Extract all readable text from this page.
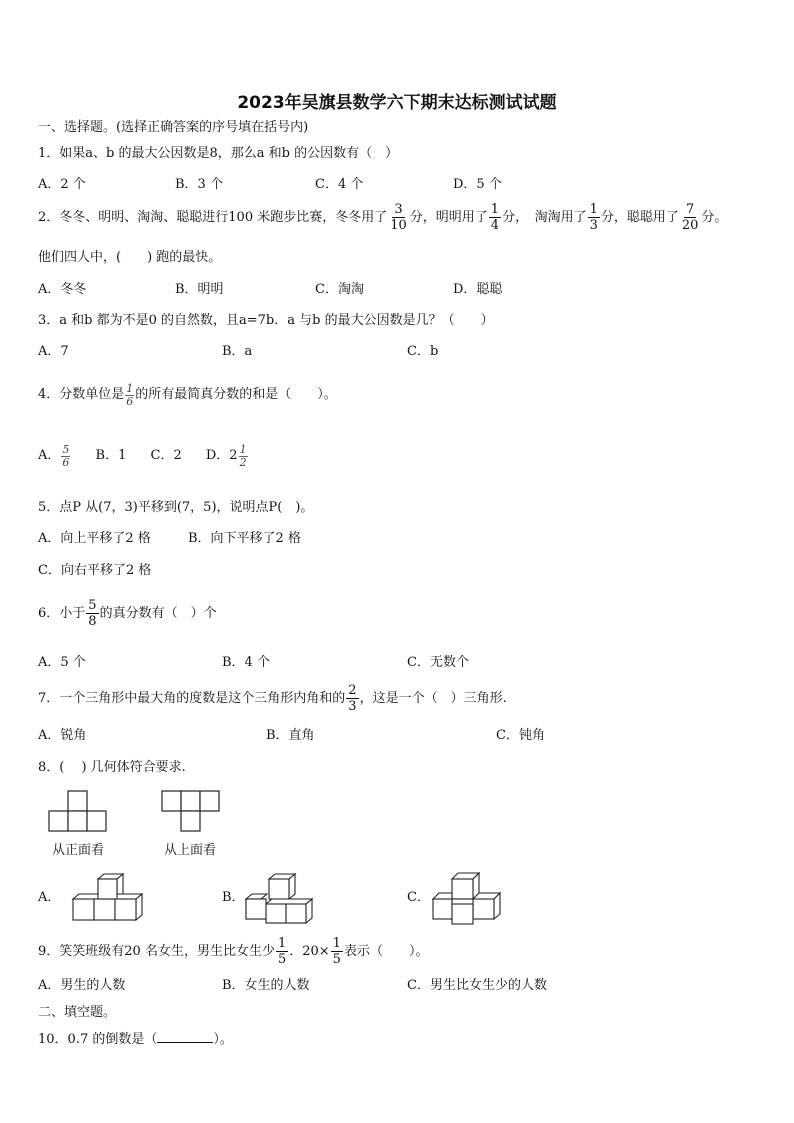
2023年吴旗县数学六下期末达标测试试题
一、选择题。(选择正确答案的序号填在括号内)
1．如果a、b 的最大公因数是8，那么a 和b 的公因数有（　）
A．2 个	B．3 个	C．4 个	D．5 个
2．冬冬、明明、淘淘、聪聪进行100 米跑步比赛，冬冬用了 $\frac{3}{10}$ 分，明明用了 $\frac{1}{4}$ 分，　淘淘用了 $\frac{1}{3}$ 分，聪聪用了 $\frac{7}{20}$ 分。
他们四人中，(　　) 跑的最快。
A．冬冬	B．明明	C．淘淘	D．聪聪
3．a 和b 都为不是0 的自然数，且a=7b．a 与b 的最大公因数是几？（　　）
A．7	B．a	C．b
4．分数单位是 $\frac{1}{6}$ 的所有最简真分数的和是（　　）。
A． $\frac{5}{6}$ B．1 C．2 D．$2 \frac{1}{2}$
5．点P 从(7，3)平移到(7，5)，说明点P(　)。
A．向上平移了2 格	B．向下平移了2 格
C．向右平移了2 格
6．小于 $\frac{5}{8}$ 的真分数有（　）个
A．5 个	B．4 个	C．无数个
7．一个三角形中最大角的度数是这个三角形内角和的 $\frac{2}{3}$ ，这是一个（　）三角形.
A．锐角	B．直角	C．钝角
8．(　 ) 几何体符合要求.
从正面看	从上面看
A．	B．	C．
9．笑笑班级有20 名女生，男生比女生少 $\frac{1}{5}$ ．$20\times \frac{1}{5}$ 表示（　　）。
A．男生的人数	B．女生的人数	C．男生比女生少的人数
二、填空题。
10．0.7 的倒数是（	）。
